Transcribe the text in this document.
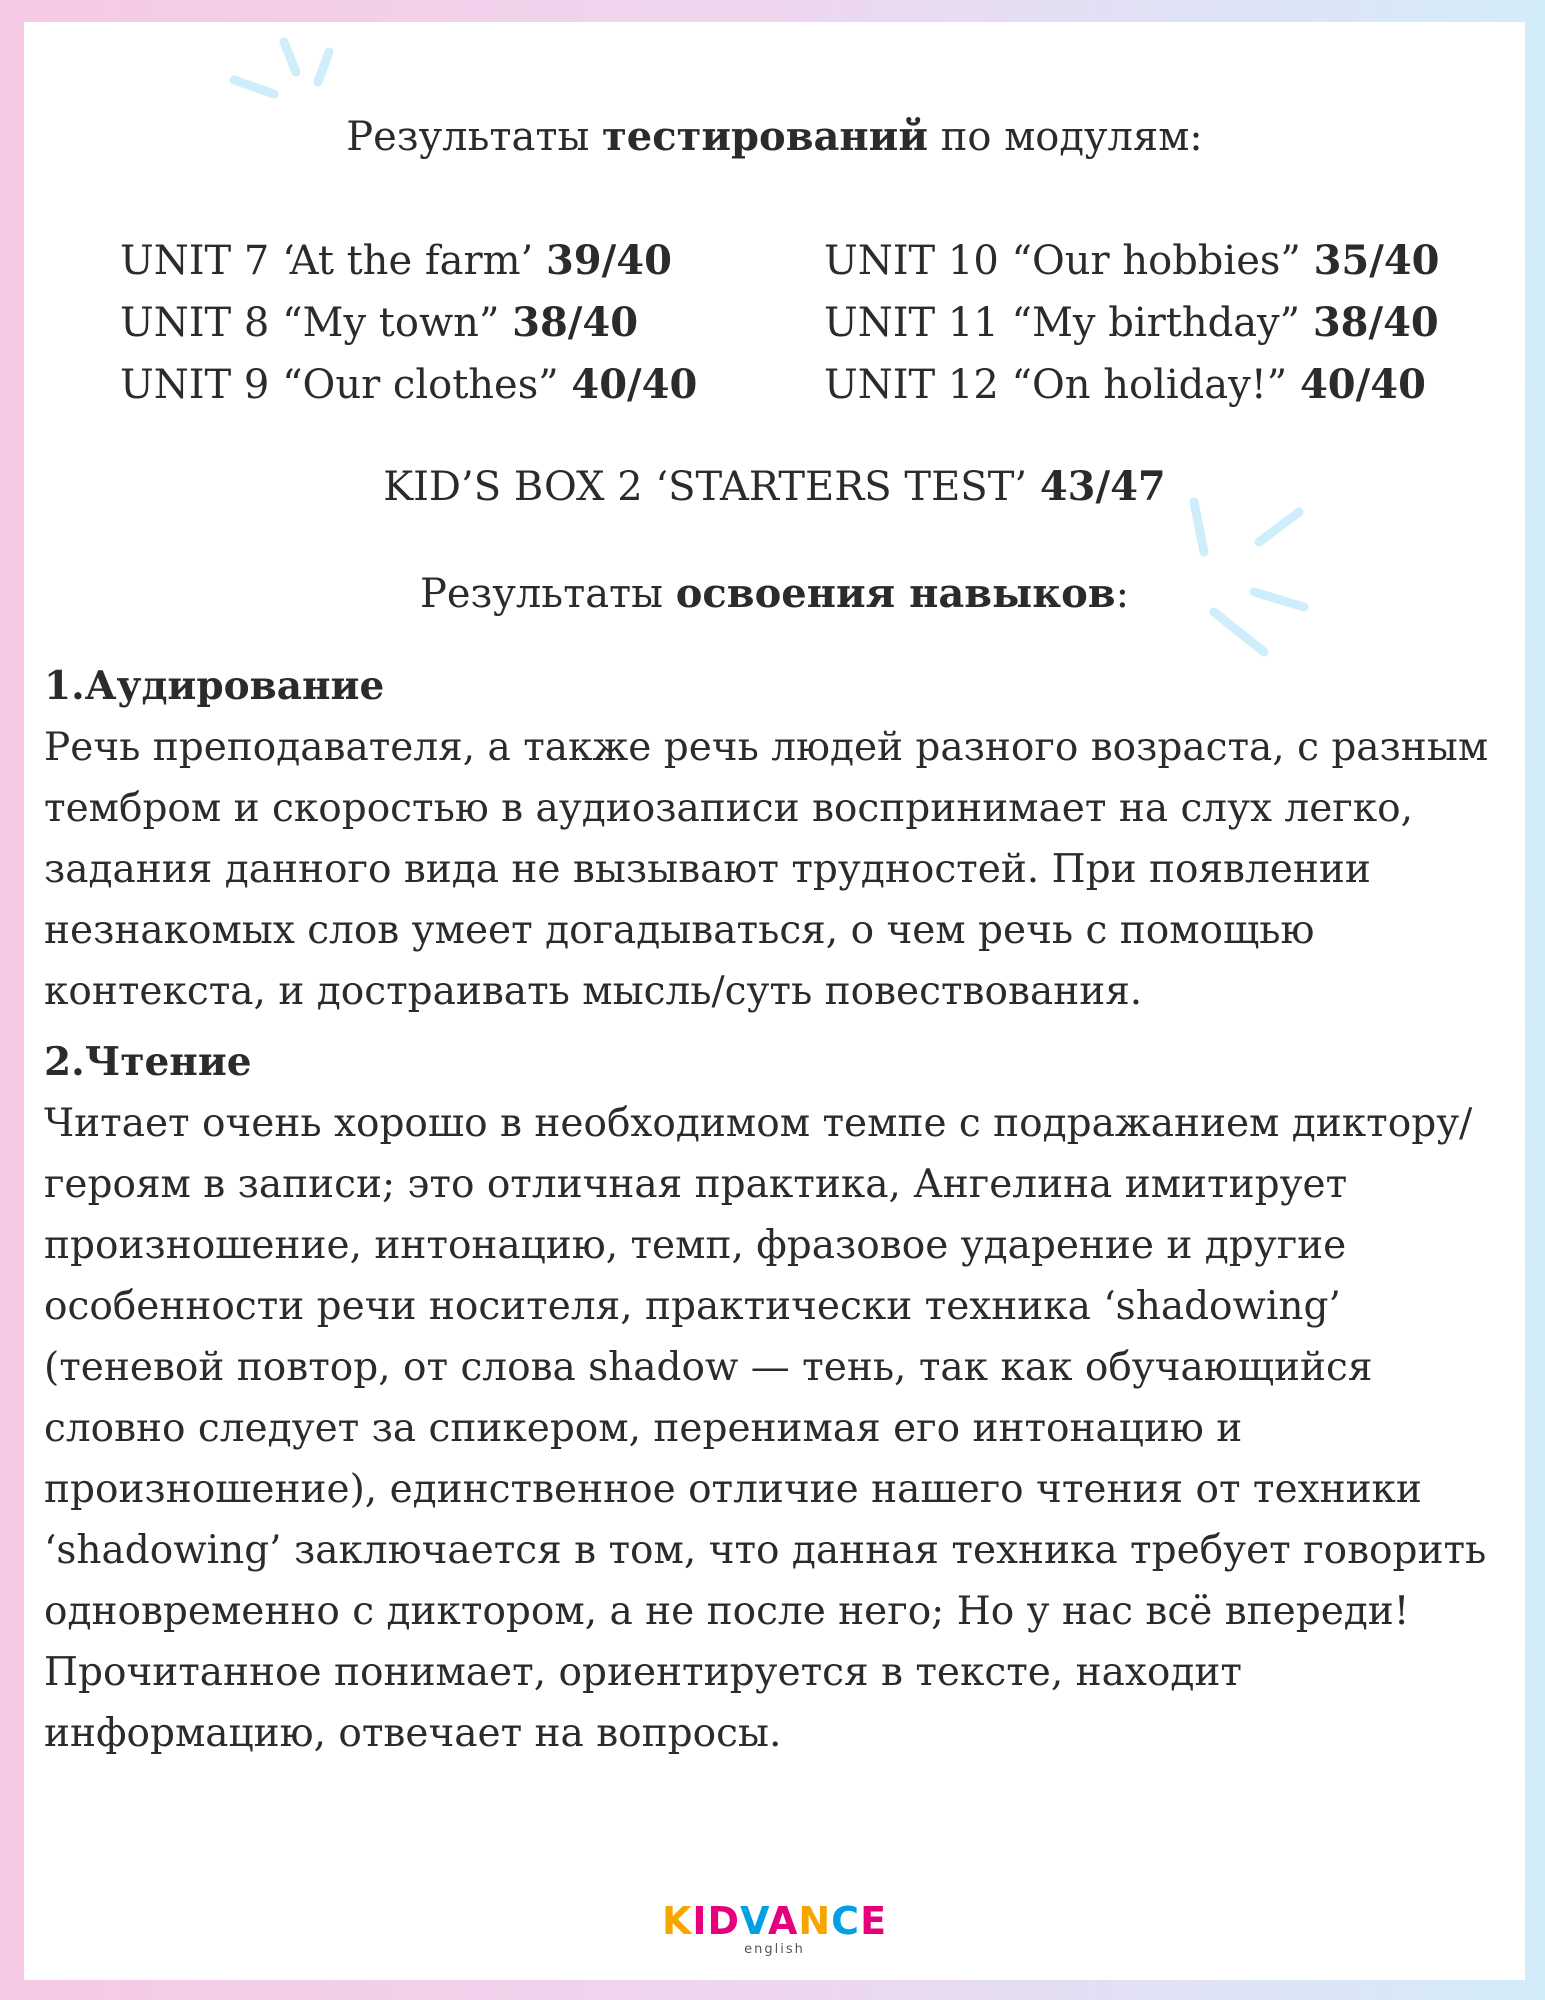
Результаты тестирований по модулям:
UNIT 7 ‘At the farm’ 39/40
UNIT 8 “My town” 38/40
UNIT 9 “Our clothes” 40/40
UNIT 10 “Our hobbies” 35/40
UNIT 11 “My birthday” 38/40
UNIT 12 “On holiday!” 40/40
KID’S BOX 2 ‘STARTERS TEST’ 43/47
Результаты освоения навыков:
1.Аудирование

Речь преподавателя, а также речь людей разного возраста, с разным тембром и скоростью в аудиозаписи воспринимает на слух легко, задания данного вида не вызывают трудностей. При появлении незнакомых слов умеет догадываться, о чем речь с помощью контекста, и достраивать мысль/суть повествования.

2.Чтение

Читает очень хорошо в необходимом темпе с подражанием диктору/героям в записи; это отличная практика, Ангелина имитирует произношение, интонацию, темп, фразовое ударение и другие особенности речи носителя, практически техника ‘shadowing’ (теневой повтор, от слова shadow — тень, так как обучающийся словно следует за спикером, перенимая его интонацию и произношение), единственное отличие нашего чтения от техники ‘shadowing’ заключается в том, что данная техника требует говорить одновременно с диктором, а не после него; Но у нас всё впереди!

Прочитанное понимает, ориентируется в тексте, находит информацию, отвечает на вопросы.

KIDVANCE
english
